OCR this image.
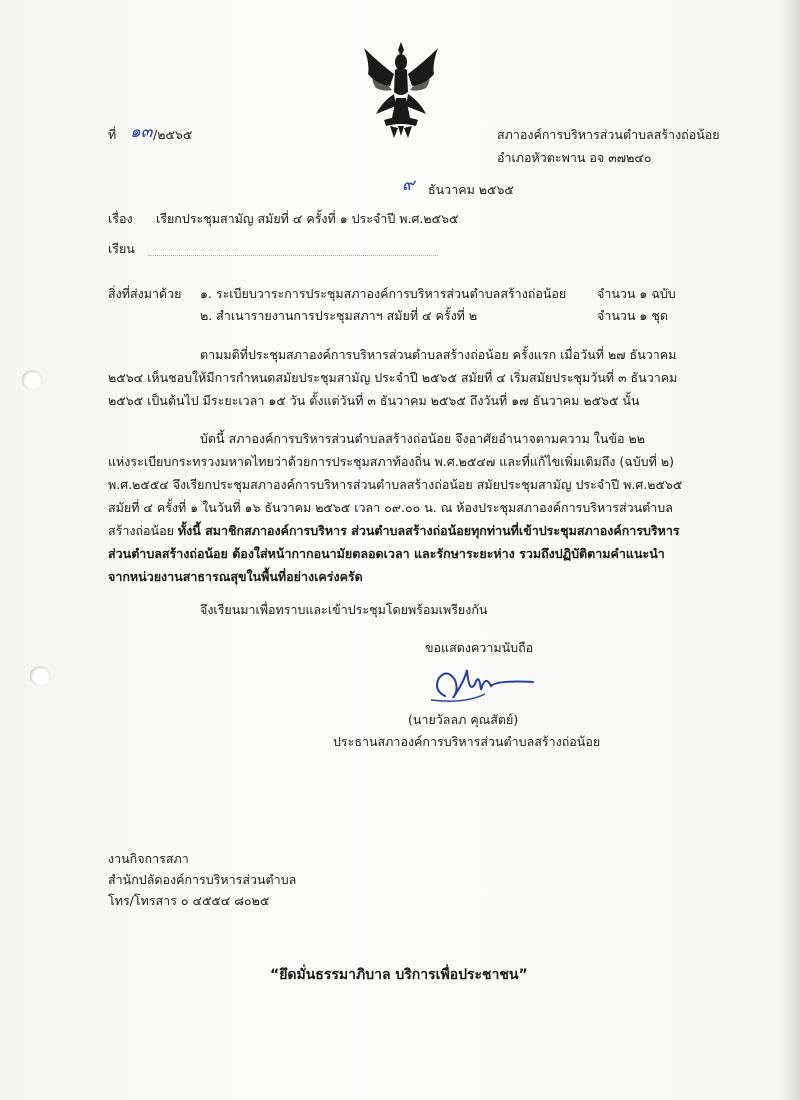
ที่ ๑๓ /๒๕๖๕	สภาองค์การบริหารส่วนตำบลสร้างถ่อน้อย
อำเภอหัวตะพาน อจ ๓๗๒๔๐
๙ ธันวาคม ๒๕๖๕
เรื่อง เรียกประชุมสามัญ สมัยที่ ๔ ครั้งที่ ๑ ประจำปี พ.ศ.๒๕๖๕
เรียน
สิ่งที่ส่งมาด้วย ๑. ระเบียบวาระการประชุมสภาองค์การบริหารส่วนตำบลสร้างถ่อน้อย จำนวน ๑ ฉบับ
๒. สำเนารายงานการประชุมสภาฯ สมัยที่ ๔ ครั้งที่ ๒	จำนวน ๑ ชุด
ตามมติที่ประชุมสภาองค์การบริหารส่วนตำบลสร้างถ่อน้อย ครั้งแรก เมื่อวันที่ ๒๗ ธันวาคม
๒๕๖๔ เห็นชอบให้มีการกำหนดสมัยประชุมสามัญ ประจำปี ๒๕๖๕ สมัยที่ ๔ เริ่มสมัยประชุมวันที่ ๓ ธันวาคม
๒๕๖๕ เป็นต้นไป มีระยะเวลา ๑๕ วัน ตั้งแต่วันที่ ๓ ธันวาคม ๒๕๖๕ ถึงวันที่ ๑๗ ธันวาคม ๒๕๖๕ นั้น
บัดนี้ สภาองค์การบริหารส่วนตำบลสร้างถ่อน้อย จึงอาศัยอำนาจตามความ ในข้อ ๒๒
แห่งระเบียบกระทรวงมหาดไทยว่าด้วยการประชุมสภาท้องถิ่น พ.ศ.๒๕๔๗ และที่แก้ไขเพิ่มเติมถึง (ฉบับที่ ๒)
พ.ศ.๒๕๕๔ จึงเรียกประชุมสภาองค์การบริหารส่วนตำบลสร้างถ่อน้อย สมัยประชุมสามัญ ประจำปี พ.ศ.๒๕๖๕
สมัยที่ ๔ ครั้งที่ ๑ ในวันที่ ๑๖ ธันวาคม ๒๕๖๕ เวลา ๐๙.๐๐ น. ณ ห้องประชุมสภาองค์การบริหารส่วนตำบล
สร้างถ่อน้อย ทั้งนี้ สมาชิกสภาองค์การบริหาร ส่วนตำบลสร้างถ่อน้อยทุกท่านที่เข้าประชุมสภาองค์การบริหาร
ส่วนตำบลสร้างถ่อน้อย ต้องใส่หน้ากากอนามัยตลอดเวลา และรักษาระยะห่าง รวมถึงปฏิบัติตามคำแนะนำ
จากหน่วยงานสาธารณสุขในพื้นที่อย่างเคร่งครัด
จึงเรียนมาเพื่อทราบและเข้าประชุมโดยพร้อมเพรียงกัน
ขอแสดงความนับถือ
(นายวัลลภ คุณสัตย์)
ประธานสภาองค์การบริหารส่วนตำบลสร้างถ่อน้อย
งานกิจการสภา
สำนักปลัดองค์การบริหารส่วนตำบล
โทร/โทรสาร ๐ ๔๕๕๔ ๘๐๒๕
“ยึดมั่นธรรมาภิบาล บริการเพื่อประชาชน”
